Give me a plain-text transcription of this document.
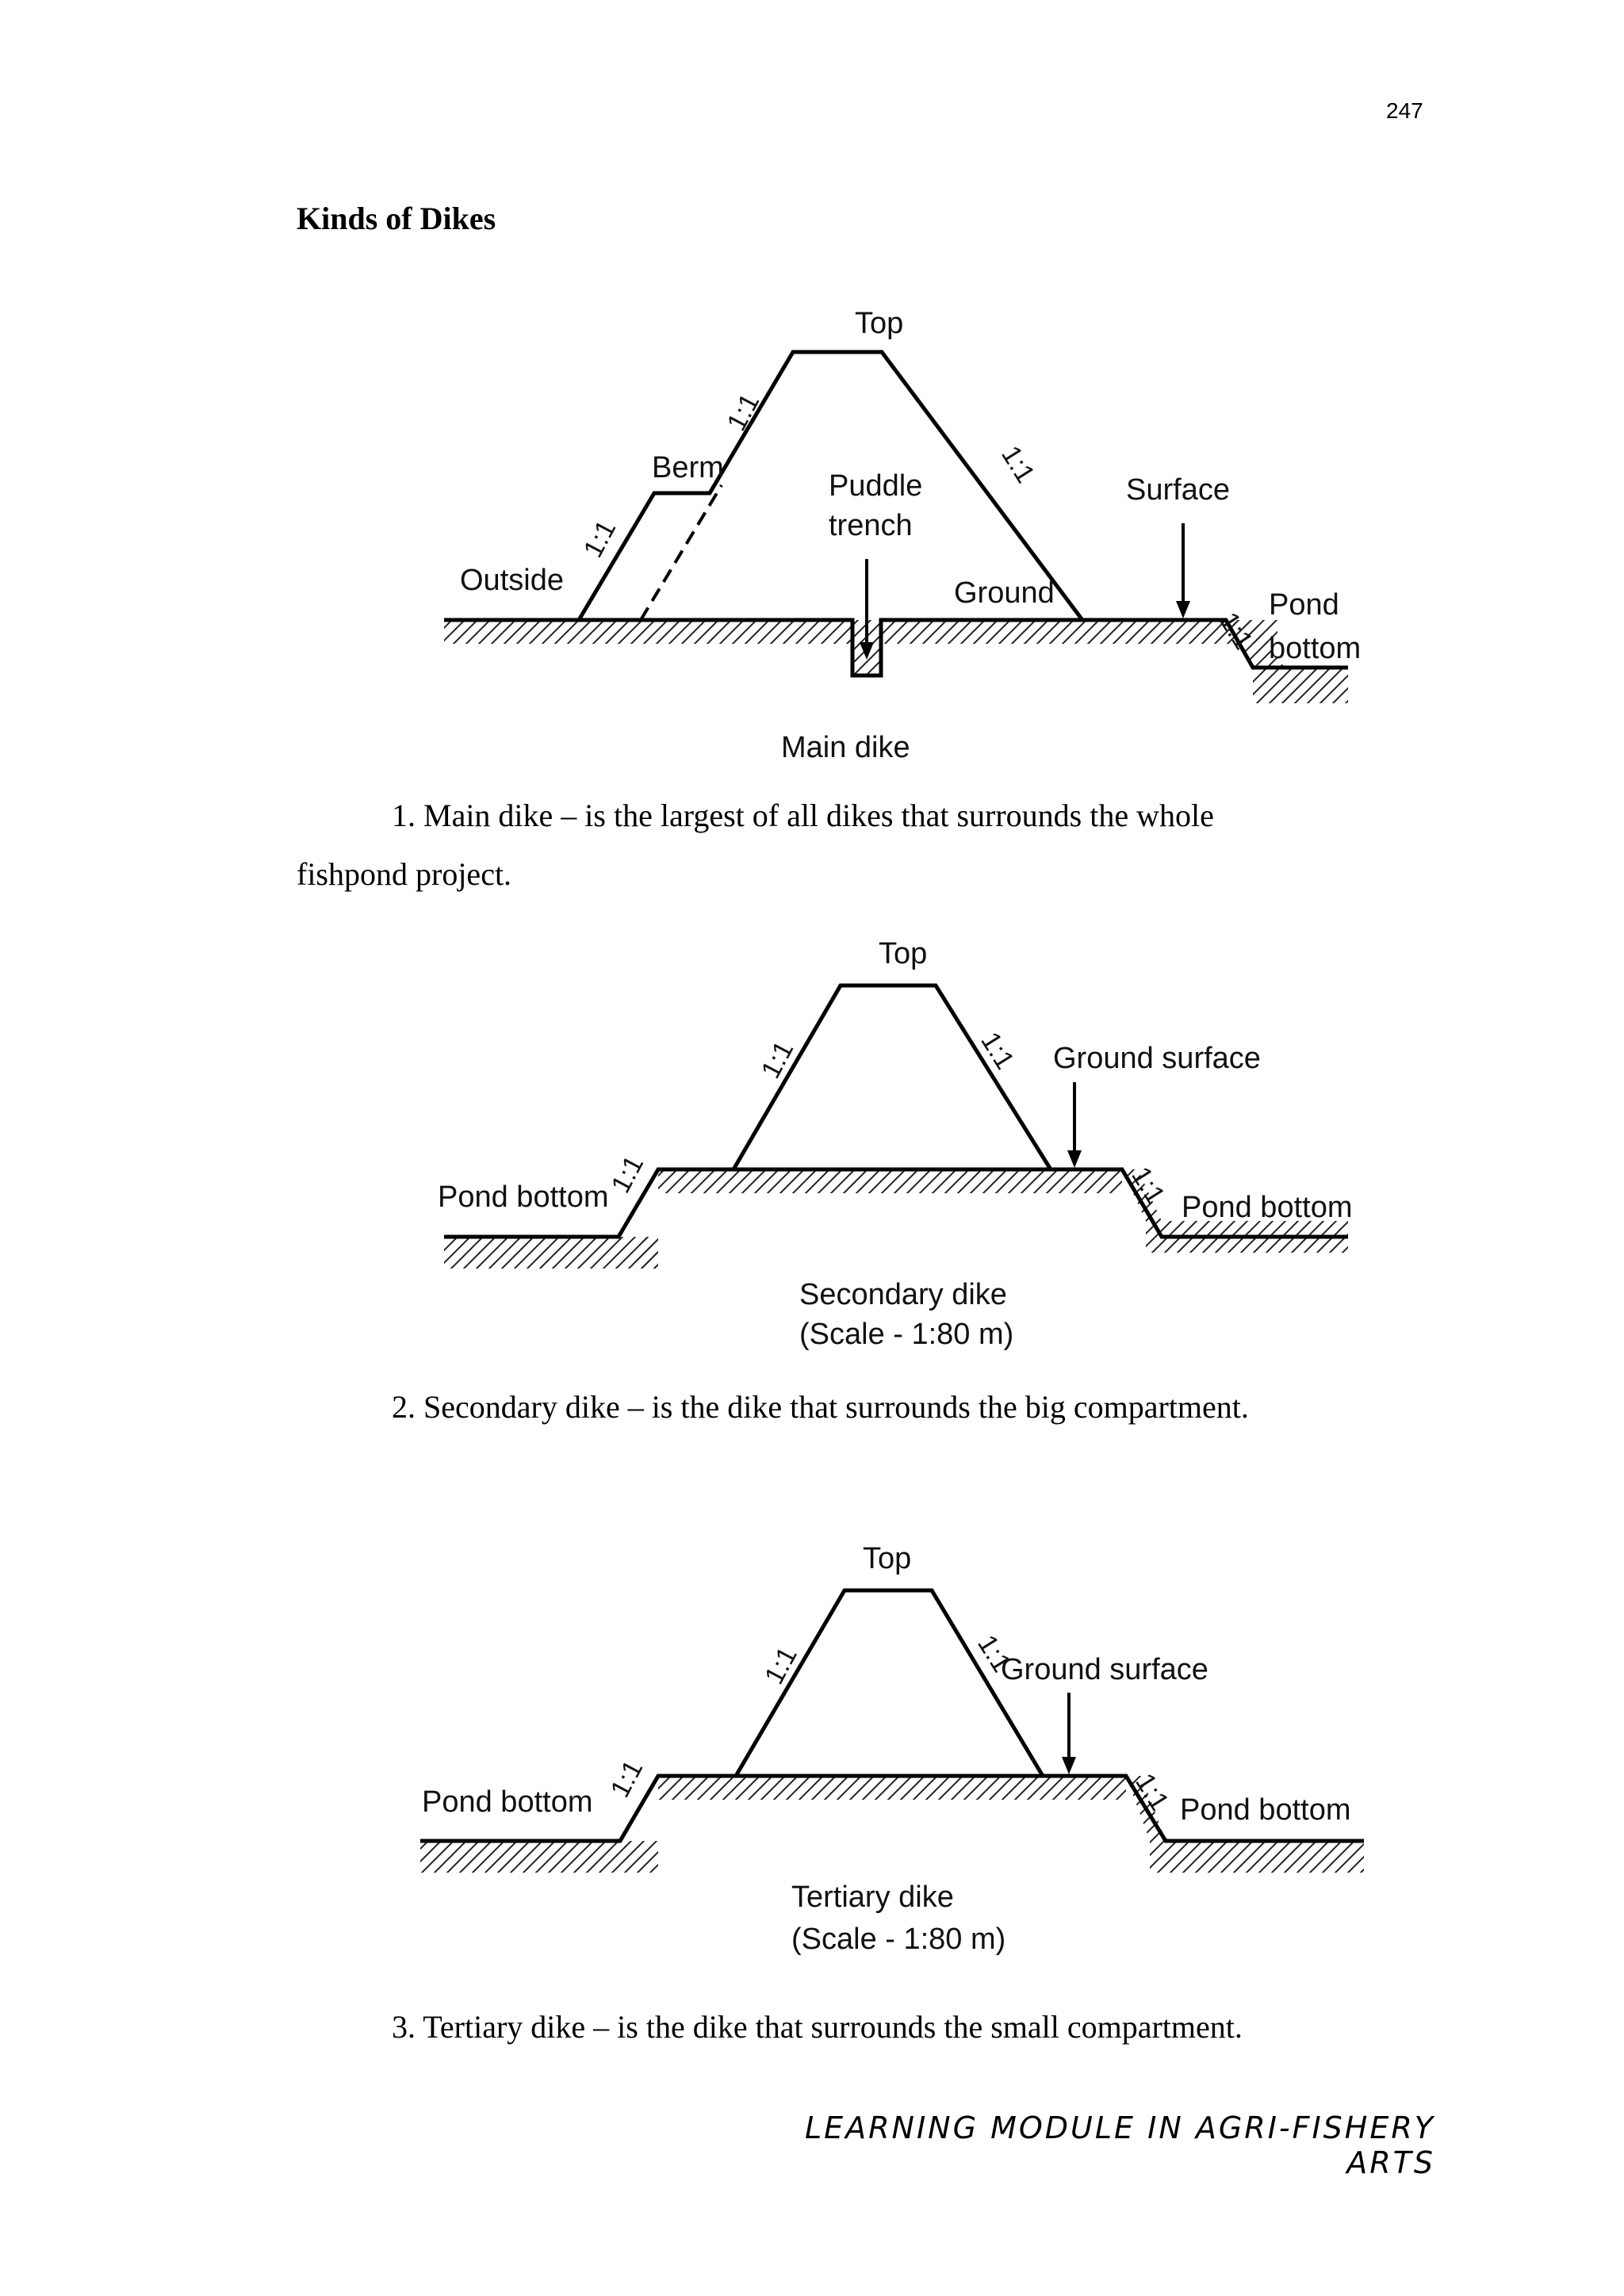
247
Kinds of Dikes
Top
1:1
Berm
1:1
Outside
Puddle
trench
1:1
Surface
Ground
1:1
Pond
bottom
Main dike
1. Main dike – is the largest of all dikes that surrounds the whole
fishpond project.
Top
1:1	1:1 Ground surface
Pond bottom
1:1	1:1 Pond bottom
Secondary dike
(Scale - 1:80 m)
2. Secondary dike – is the dike that surrounds the big compartment.
Top
1:1	1:1
Ground surface
Pond bottom 1:1	1:1 Pond bottom
Tertiary dike
(Scale - 1:80 m)
3. Tertiary dike – is the dike that surrounds the small compartment.
LEARNING MODULE IN AGRI-FISHERY ARTS
